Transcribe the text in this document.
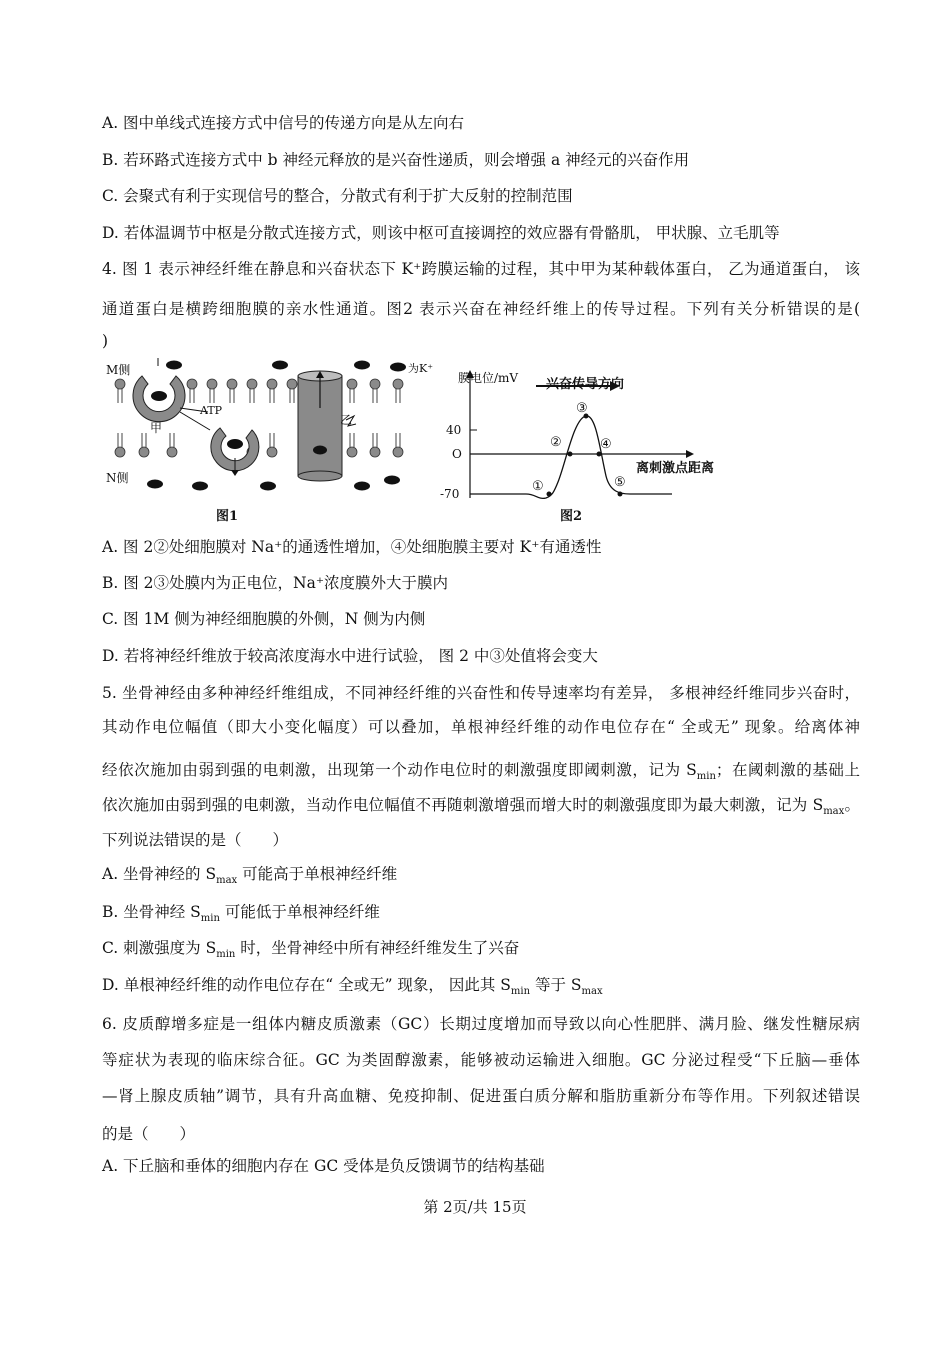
A. 图中单线式连接方式中信号的传递方向是从左向右
B. 若环路式连接方式中 b 神经元释放的是兴奋性递质，则会增强 a 神经元的兴奋作用
C. 会聚式有利于实现信号的整合，分散式有利于扩大反射的控制范围
D. 若体温调节中枢是分散式连接方式，则该中枢可直接调控的效应器有骨骼肌， 甲状腺、立毛肌等
4. 图 1 表示神经纤维在静息和兴奋状态下 K⁺跨膜运输的过程，其中甲为某种载体蛋白， 乙为通道蛋白， 该
通道蛋白是横跨细胞膜的亲水性通道。图2 表示兴奋在神经纤维上的传导过程。下列有关分析错误的是(
)
A. 图 2②处细胞膜对 Na⁺的通透性增加，④处细胞膜主要对 K⁺有通透性
B. 图 2③处膜内为正电位，Na⁺浓度膜外大于膜内
C. 图 1M 侧为神经细胞膜的外侧，N 侧为内侧
D. 若将神经纤维放于较高浓度海水中进行试验， 图 2 中③处值将会变大
5. 坐骨神经由多种神经纤维组成，不同神经纤维的兴奋性和传导速率均有差异， 多根神经纤维同步兴奋时，
其动作电位幅值（即大小变化幅度）可以叠加，单根神经纤维的动作电位存在“ 全或无” 现象。给离体神
经依次施加由弱到强的电刺激，出现第一个动作电位时的刺激强度即阈刺激，记为 $S_{min}$；在阈刺激的基础上
依次施加由弱到强的电刺激，当动作电位幅值不再随刺激增强而增大时的刺激强度即为最大刺激，记为 $S_{max}$。
下列说法错误的是（　　）
A. 坐骨神经的 $S_{max}$ 可能高于单根神经纤维
B. 坐骨神经 $S_{min}$ 可能低于单根神经纤维
C. 刺激强度为 $S_{min}$ 时，坐骨神经中所有神经纤维发生了兴奋
D. 单根神经纤维的动作电位存在“ 全或无” 现象， 因此其 $S_{min}$ 等于 $S_{max}$
6. 皮质醇增多症是一组体内糖皮质激素（GC）长期过度增加而导致以向心性肥胖、满月脸、继发性糖尿病
等症状为表现的临床综合征。GC 为类固醇激素，能够被动运输进入细胞。GC 分泌过程受“下丘脑—垂体
—肾上腺皮质轴”调节，具有升高血糖、免疫抑制、促进蛋白质分解和脂肪重新分布等作用。下列叙述错误
的是（　　）
A. 下丘脑和垂体的细胞内存在 GC 受体是负反馈调节的结构基础
M侧
N侧
为K⁺
ATP
甲
乙
图1
膜电位/mV 兴奋传导方向
40
O
-70
离刺激点距离
①
②
③
④
⑤
图2
第 2页/共 15页
